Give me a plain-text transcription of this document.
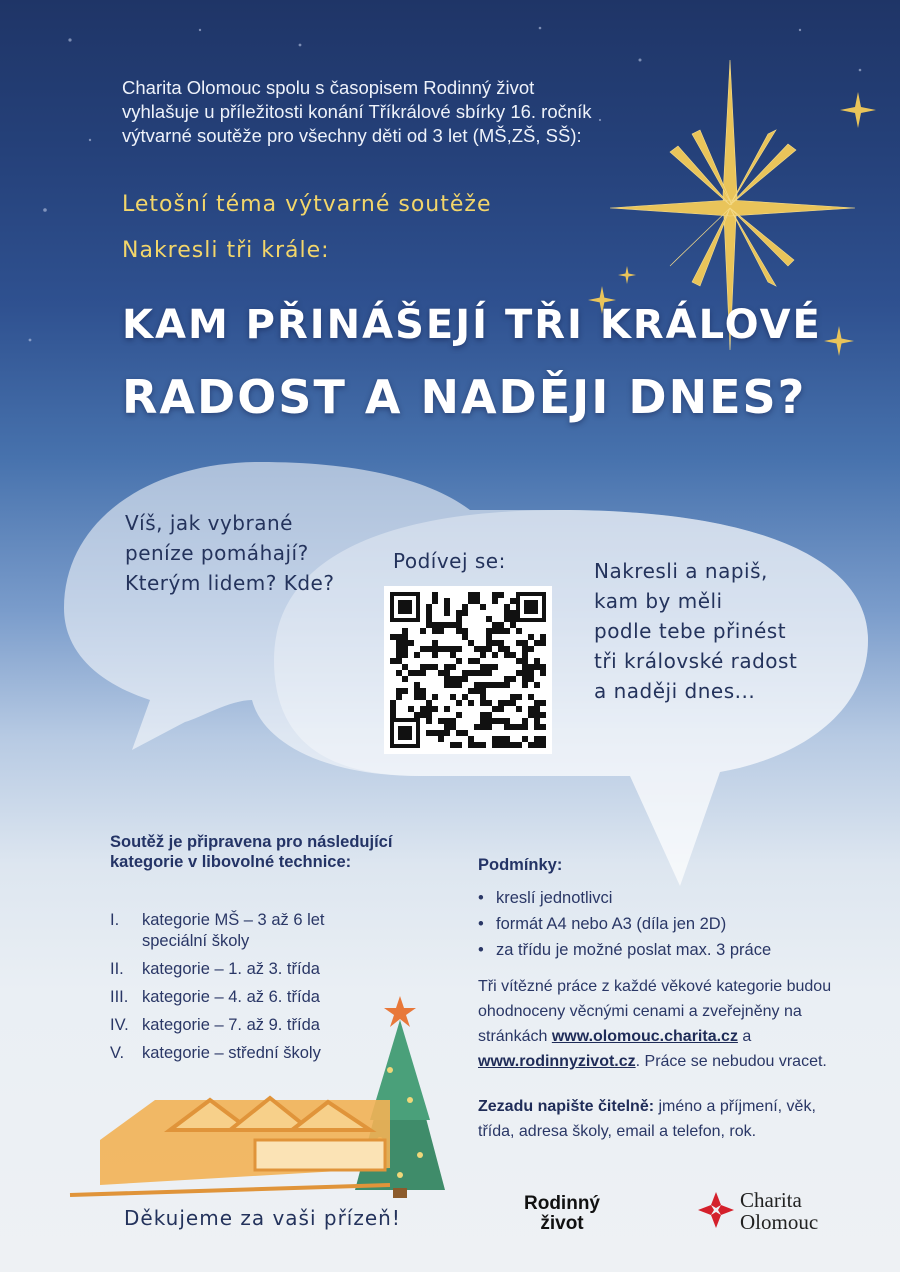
Charita Olomouc spolu s časopisem Rodinný život
vyhlašuje u příležitosti konání Tříkrálové sbírky 16. ročník
výtvarné soutěže pro všechny děti od 3 let (MŠ,ZŠ, SŠ):
Letošní téma výtvarné soutěže
Nakresli tři krále:
KAM PŘINÁŠEJÍ TŘI KRÁLOVÉ
RADOST A NADĚJI DNES?
Víš, jak vybrané
peníze pomáhají?
Kterým lidem? Kde?
Podívej se:	Nakresli a napiš,
kam by měli
podle tebe přinést
tři královské radost
a naději dnes...
Soutěž je připravena pro následující kategorie v libovolné technice:
I.	kategorie MŠ – 3 až 6 let speciální školy
II.	kategorie – 1. až 3. třída
III. kategorie – 4. až 6. třída
IV. kategorie – 7. až 9. třída
V.	kategorie – střední školy
Podmínky:
• kreslí jednotlivci
• formát A4 nebo A3 (díla jen 2D)
• za třídu je možné poslat max. 3 práce
Tři vítězné práce z každé věkové kategorie budou ohodnoceny věcnými cenami a zveřejněny na stránkách www.olomouc.charita.cz a www.rodinnyzivot.cz. Práce se nebudou vracet.
Zezadu napište čitelně: jméno a příjmení, věk, třída, adresa školy, email a telefon, rok.
Děkujeme za vaši přízeň!
Rodinný
život
Charita
Olomouc
